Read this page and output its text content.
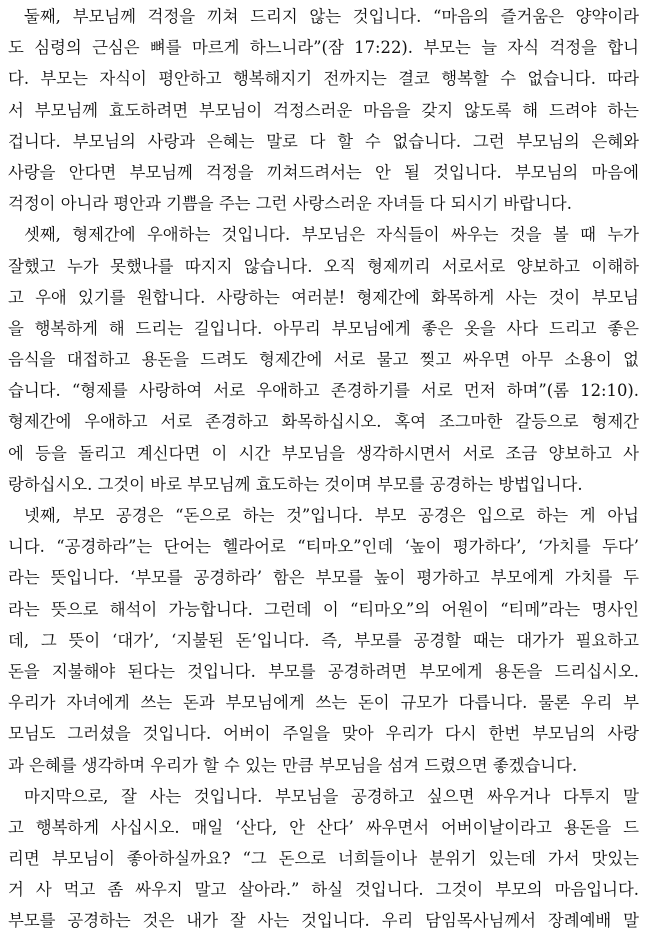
둘째, 부모님께 걱정을 끼쳐 드리지 않는 것입니다. “마음의 즐거움은 양약이라
도 심령의 근심은 뼈를 마르게 하느니라”(잠 17:22). 부모는 늘 자식 걱정을 합니
다. 부모는 자식이 평안하고 행복해지기 전까지는 결코 행복할 수 없습니다. 따라
서 부모님께 효도하려면 부모님이 걱정스러운 마음을 갖지 않도록 해 드려야 하는
겁니다. 부모님의 사랑과 은혜는 말로 다 할 수 없습니다. 그런 부모님의 은혜와
사랑을 안다면 부모님께 걱정을 끼쳐드려서는 안 될 것입니다. 부모님의 마음에
걱정이 아니라 평안과 기쁨을 주는 그런 사랑스러운 자녀들 다 되시기 바랍니다.
셋째, 형제간에 우애하는 것입니다. 부모님은 자식들이 싸우는 것을 볼 때 누가
잘했고 누가 못했나를 따지지 않습니다. 오직 형제끼리 서로서로 양보하고 이해하
고 우애 있기를 원합니다. 사랑하는 여러분! 형제간에 화목하게 사는 것이 부모님
을 행복하게 해 드리는 길입니다. 아무리 부모님에게 좋은 옷을 사다 드리고 좋은
음식을 대접하고 용돈을 드려도 형제간에 서로 물고 찢고 싸우면 아무 소용이 없
습니다. “형제를 사랑하여 서로 우애하고 존경하기를 서로 먼저 하며”(롬 12:10).
형제간에 우애하고 서로 존경하고 화목하십시오. 혹여 조그마한 갈등으로 형제간
에 등을 돌리고 계신다면 이 시간 부모님을 생각하시면서 서로 조금 양보하고 사
랑하십시오. 그것이 바로 부모님께 효도하는 것이며 부모를 공경하는 방법입니다.
넷째, 부모 공경은 “돈으로 하는 것”입니다. 부모 공경은 입으로 하는 게 아닙
니다. “공경하라”는 단어는 헬라어로 “티마오”인데 ‘높이 평가하다’, ‘가치를 두다’
라는 뜻입니다. ‘부모를 공경하라’ 함은 부모를 높이 평가하고 부모에게 가치를 두
라는 뜻으로 해석이 가능합니다. 그런데 이 “티마오”의 어원이 “티메”라는 명사인
데, 그 뜻이 ‘대가’, ‘지불된 돈’입니다. 즉, 부모를 공경할 때는 대가가 필요하고
돈을 지불해야 된다는 것입니다. 부모를 공경하려면 부모에게 용돈을 드리십시오.
우리가 자녀에게 쓰는 돈과 부모님에게 쓰는 돈이 규모가 다릅니다. 물론 우리 부
모님도 그러셨을 것입니다. 어버이 주일을 맞아 우리가 다시 한번 부모님의 사랑
과 은혜를 생각하며 우리가 할 수 있는 만큼 부모님을 섬겨 드렸으면 좋겠습니다.
마지막으로, 잘 사는 것입니다. 부모님을 공경하고 싶으면 싸우거나 다투지 말
고 행복하게 사십시오. 매일 ‘산다, 안 산다’ 싸우면서 어버이날이라고 용돈을 드
리면 부모님이 좋아하실까요? “그 돈으로 너희들이나 분위기 있는데 가서 맛있는
거 사 먹고 좀 싸우지 말고 살아라.” 하실 것입니다. 그것이 부모의 마음입니다.
부모를 공경하는 것은 내가 잘 사는 것입니다. 우리 담임목사님께서 장례예배 말
